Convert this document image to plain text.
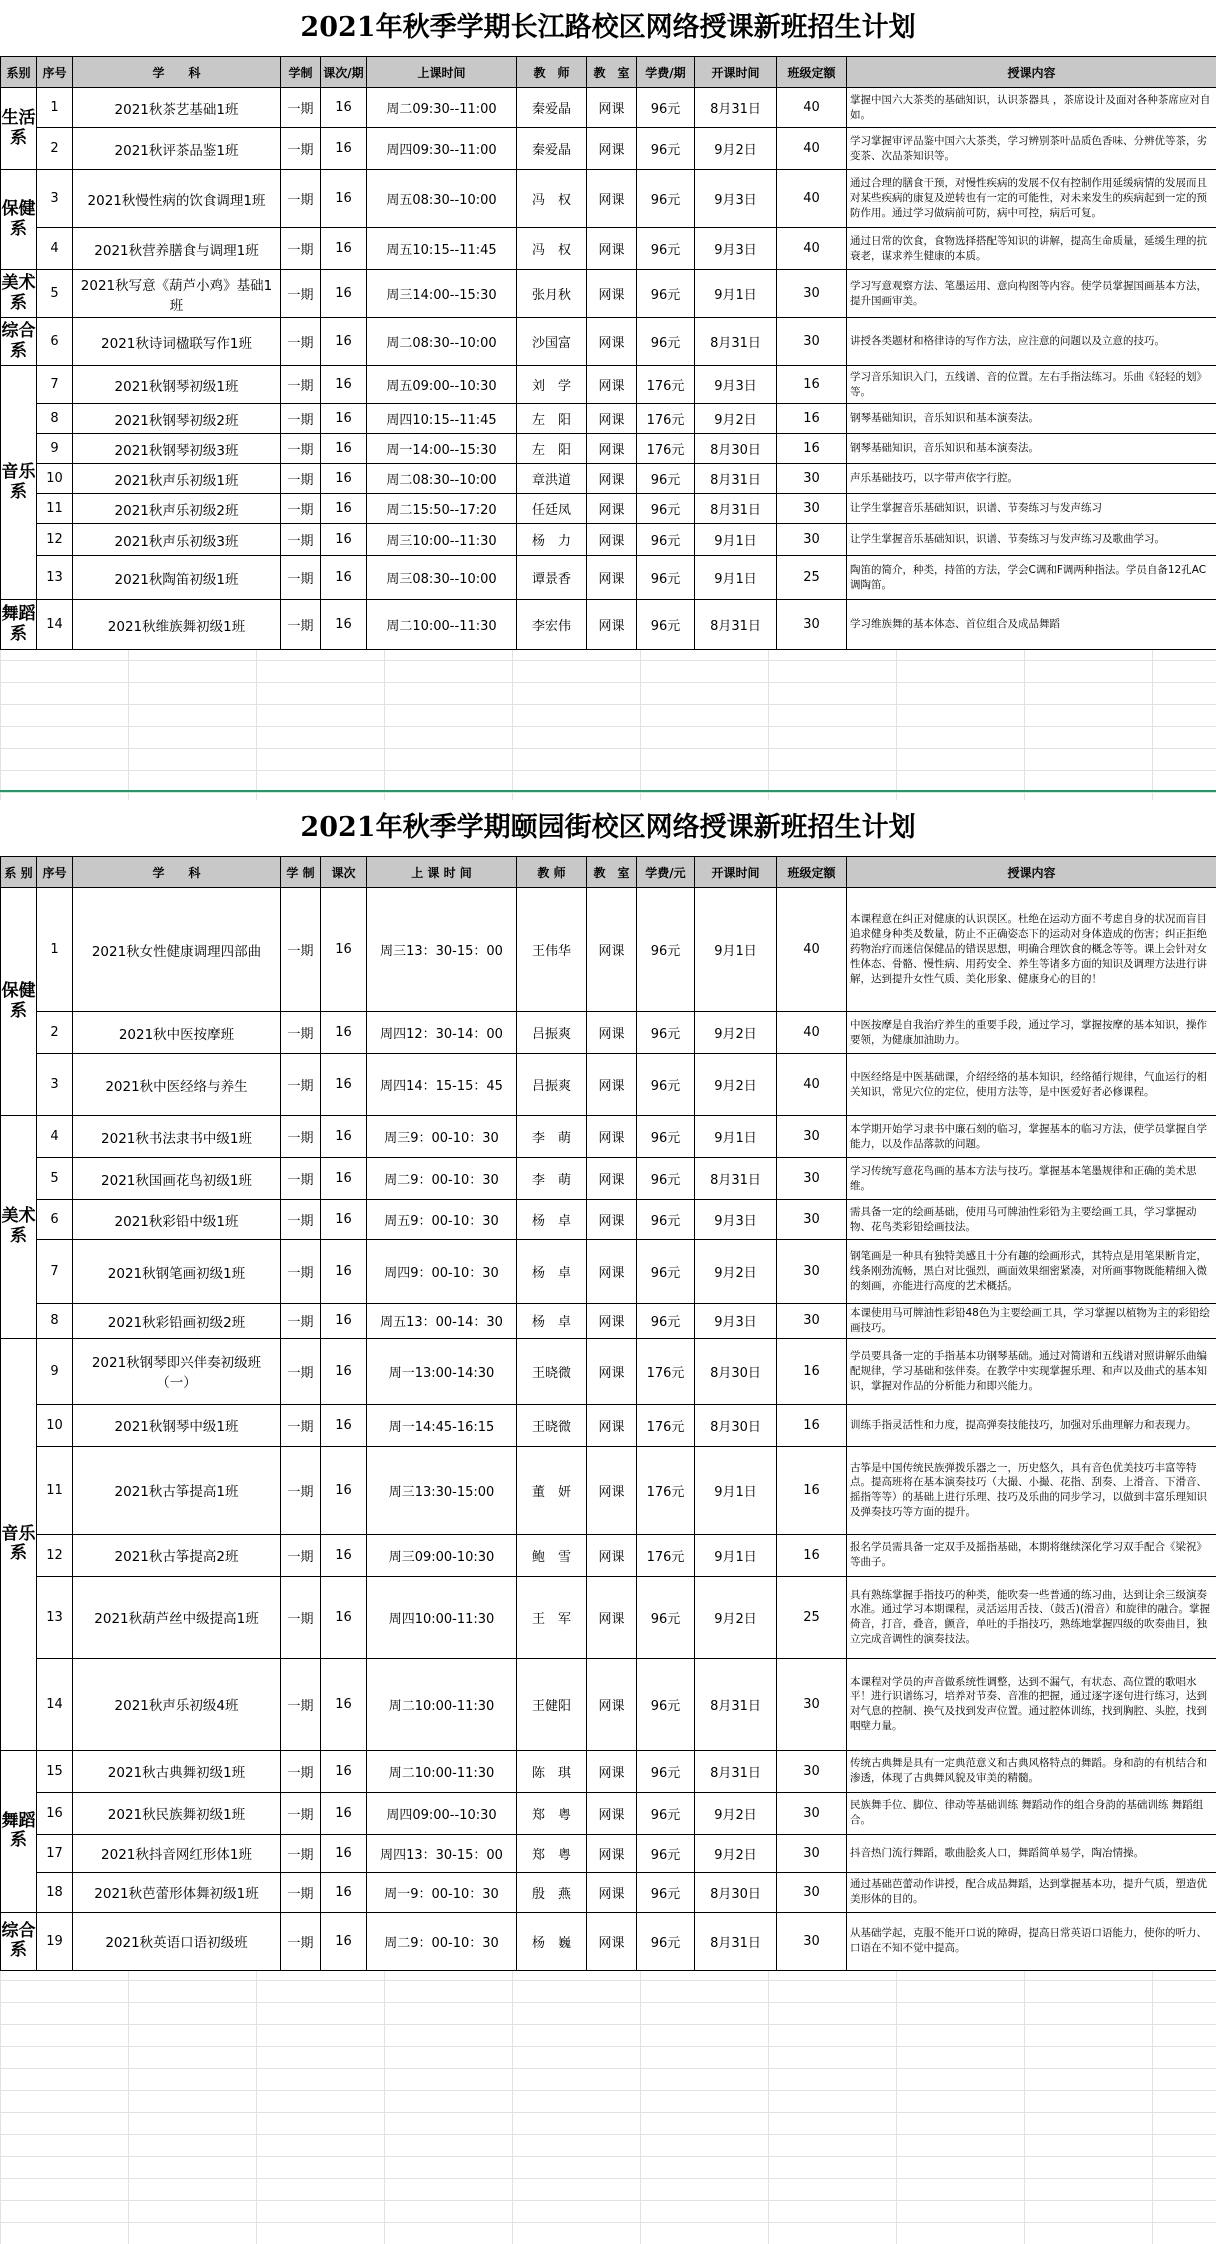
2021年秋季学期长江路校区网络授课新班招生计划
系别	序号	学　　科	学制	课次/期	上课时间	教　师	教　室	学费/期	开课时间	班级定额	授课内容
生活系	1	2021秋茶艺基础1班	一期	16	周二09:30--11:00	秦爱晶	网课	96元	8月31日	40	掌握中国六大茶类的基础知识，认识茶器具 ，茶席设计及面对各种茶席应对自如。
	2	2021秋评茶品鉴1班	一期	16	周四09:30--11:00	秦爱晶	网课	96元	9月2日	40	学习掌握审评品鉴中国六大茶类，学习辨别茶叶品质色香味、分辨优等茶，劣变茶、次品茶知识等。
保健系	3	2021秋慢性病的饮食调理1班	一期	16	周五08:30--10:00	冯　权	网课	96元	9月3日	40	通过合理的膳食干预，对慢性疾病的发展不仅有控制作用延缓病情的发展而且对某些疾病的康复及逆转也有一定的可能性，对未来发生的疾病起到一定的预防作用。通过学习做病前可防，病中可控，病后可复。
	4	2021秋营养膳食与调理1班	一期	16	周五10:15--11:45	冯　权	网课	96元	9月3日	40	通过日常的饮食，食物选择搭配等知识的讲解，提高生命质量，延缓生理的抗衰老，谋求养生健康的本质。
美术系	5	2021秋写意《葫芦小鸡》基础1班	一期	16	周三14:00--15:30	张月秋	网课	96元	9月1日	30	学习写意观察方法、笔墨运用、意向构图等内容。使学员掌握国画基本方法，提升国画审美。
综合系	6	2021秋诗词楹联写作1班	一期	16	周二08:30--10:00	沙国富	网课	96元	8月31日	30	讲授各类题材和格律诗的写作方法，应注意的问题以及立意的技巧。
音乐系	7	2021秋钢琴初级1班	一期	16	周五09:00--10:30	刘　学	网课	176元	9月3日	16	学习音乐知识入门，五线谱、音的位置。左右手指法练习。乐曲《轻轻的划》等。
	8	2021秋钢琴初级2班	一期	16	周四10:15--11:45	左　阳	网课	176元	9月2日	16	钢琴基础知识，音乐知识和基本演奏法。
	9	2021秋钢琴初级3班	一期	16	周一14:00--15:30	左　阳	网课	176元	8月30日	16	钢琴基础知识，音乐知识和基本演奏法。
	10	2021秋声乐初级1班	一期	16	周二08:30--10:00	章洪道	网课	96元	8月31日	30	声乐基础技巧，以字带声依字行腔。
	11	2021秋声乐初级2班	一期	16	周二15:50--17:20	任廷凤	网课	96元	8月31日	30	让学生掌握音乐基础知识，识谱、节奏练习与发声练习
	12	2021秋声乐初级3班	一期	16	周三10:00--11:30	杨　力	网课	96元	9月1日	30	让学生掌握音乐基础知识，识谱、节奏练习与发声练习及歌曲学习。
	13	2021秋陶笛初级1班	一期	16	周三08:30--10:00	谭景香	网课	96元	9月1日	25	陶笛的简介，种类，持笛的方法，学会C调和F调两种指法。学员自备12孔AC调陶笛。
舞蹈系	14	2021秋维族舞初级1班	一期	16	周二10:00--11:30	李宏伟	网课	96元	8月31日	30	学习维族舞的基本体态、首位组合及成品舞蹈
2021年秋季学期颐园街校区网络授课新班招生计划
系 别	序号	学　　科	学 制	课次	上 课 时 间	教 师	教　室	学费/元	开课时间	班级定额	授课内容
保健系	1	2021秋女性健康调理四部曲	一期	16	周三13：30-15：00	王伟华	网课	96元	9月1日	40	本课程意在纠正对健康的认识误区。杜绝在运动方面不考虑自身的状况而盲目追求健身种类及数量，防止不正确姿态下的运动对身体造成的伤害；纠正拒绝药物治疗而迷信保健品的错误思想，明确合理饮食的概念等等。课上会针对女性体态、骨骼、慢性病、用药安全、养生等诸多方面的知识及调理方法进行讲解，达到提升女性气质、美化形象、健康身心的目的！
	2	2021秋中医按摩班	一期	16	周四12：30-14：00	吕振爽	网课	96元	9月2日	40	中医按摩是自我治疗养生的重要手段，通过学习，掌握按摩的基本知识，操作要领，为健康加油助力。
	3	2021秋中医经络与养生	一期	16	周四14：15-15：45	吕振爽	网课	96元	9月2日	40	中医经络是中医基础课，介绍经络的基本知识，经络循行规律，气血运行的相关知识，常见穴位的定位，使用方法等，是中医爱好者必修课程。
美术系	4	2021秋书法隶书中级1班	一期	16	周三9：00-10：30	李　萌	网课	96元	9月1日	30	本学期开始学习隶书中廉石刻的临习，掌握基本的临习方法，使学员掌握自学能力，以及作品落款的问题。
	5	2021秋国画花鸟初级1班	一期	16	周二9：00-10：30	李　萌	网课	96元	8月31日	30	学习传统写意花鸟画的基本方法与技巧。掌握基本笔墨规律和正确的美术思维。
	6	2021秋彩铅中级1班	一期	16	周五9：00-10：30	杨　卓	网课	96元	9月3日	30	需具备一定的绘画基础，使用马可牌油性彩铅为主要绘画工具，学习掌握动物、花鸟类彩铅绘画技法。
	7	2021秋钢笔画初级1班	一期	16	周四9：00-10：30	杨　卓	网课	96元	9月2日	30	钢笔画是一种具有独特美感且十分有趣的绘画形式，其特点是用笔果断肯定，线条刚劲流畅，黑白对比强烈，画面效果细密紧凑，对所画事物既能精细入微的刻画，亦能进行高度的艺术概括。
	8	2021秋彩铅画初级2班	一期	16	周五13：00-14：30	杨　卓	网课	96元	9月3日	30	本课使用马可牌油性彩铅48色为主要绘画工具，学习掌握以植物为主的彩铅绘画技巧。
音乐系	9	2021秋钢琴即兴伴奏初级班（一）	一期	16	周一13:00-14:30	王晓微	网课	176元	8月30日	16	学员要具备一定的手指基本功钢琴基础。通过对简谱和五线谱对照讲解乐曲编配规律，学习基础和弦伴奏。在教学中实现掌握乐理、和声以及曲式的基本知识，掌握对作品的分析能力和即兴能力。
	10	2021秋钢琴中级1班	一期	16	周一14:45-16:15	王晓微	网课	176元	8月30日	16	训练手指灵活性和力度，提高弹奏技能技巧，加强对乐曲理解力和表现力。
	11	2021秋古筝提高1班	一期	16	周三13:30-15:00	董　妍	网课	176元	9月1日	16	古筝是中国传统民族弹拨乐器之一，历史悠久，具有音色优美技巧丰富等特点。提高班将在基本演奏技巧（大撮、小撮、花指、刮奏、上滑音、下滑音、摇指等等）的基础上进行乐理、技巧及乐曲的同步学习，以做到丰富乐理知识及弹奏技巧等方面的提升。
	12	2021秋古筝提高2班	一期	16	周三09:00-10:30	鲍　雪	网课	176元	9月1日	16	报名学员需具备一定双手及摇指基础，本期将继续深化学习双手配合《梁祝》等曲子。
	13	2021秋葫芦丝中级提高1班	一期	16	周四10:00-11:30	王　军	网课	96元	9月2日	25	具有熟练掌握手指技巧的种类，能吹奏一些普通的练习曲，达到让余三级演奏水准。通过学习本期课程，灵活运用舌技、（鼓舌)(滑音）和旋律的融合。掌握倚音，打音，叠音，颤音，单吐的手指技巧，熟练地掌握四级的吹奏曲目，独立完成音调性的演奏技法。
	14	2021秋声乐初级4班	一期	16	周二10:00-11:30	王健阳	网课	96元	8月31日	30	本课程对学员的声音做系统性调整，达到不漏气，有状态、高位置的歌唱水平！进行识谱练习，培养对节奏、音准的把握，通过逐字逐句进行练习，达到对气息的控制、换气及找到发声位置。通过腔体训练，找到胸腔、头腔，找到咽壁力量。
舞蹈系	15	2021秋古典舞初级1班	一期	16	周二10:00-11:30	陈　琪	网课	96元	8月31日	30	传统古典舞是具有一定典范意义和古典风格特点的舞蹈。身和韵的有机结合和渗透，体现了古典舞风貌及审美的精髓。
	16	2021秋民族舞初级1班	一期	16	周四09:00--10:30	郑　粤	网课	96元	9月2日	30	民族舞手位、脚位、律动等基础训练 舞蹈动作的组合身韵的基础训练 舞蹈组合。
	17	2021秋抖音网红形体1班	一期	16	周四13：30-15：00	郑　粤	网课	96元	9月2日	30	抖音热门流行舞蹈，歌曲脍炙人口，舞蹈简单易学，陶冶情操。
	18	2021秋芭蕾形体舞初级1班	一期	16	周一9：00-10：30	殷　燕	网课	96元	8月30日	30	通过基础芭蕾动作讲授，配合成品舞蹈，达到掌握基本功，提升气质，塑造优美形体的目的。
综合系	19	2021秋英语口语初级班	一期	16	周二9：00-10：30	杨　巍	网课	96元	8月31日	30	从基础学起，克服不能开口说的障碍，提高日常英语口语能力，使你的听力、口语在不知不觉中提高。
